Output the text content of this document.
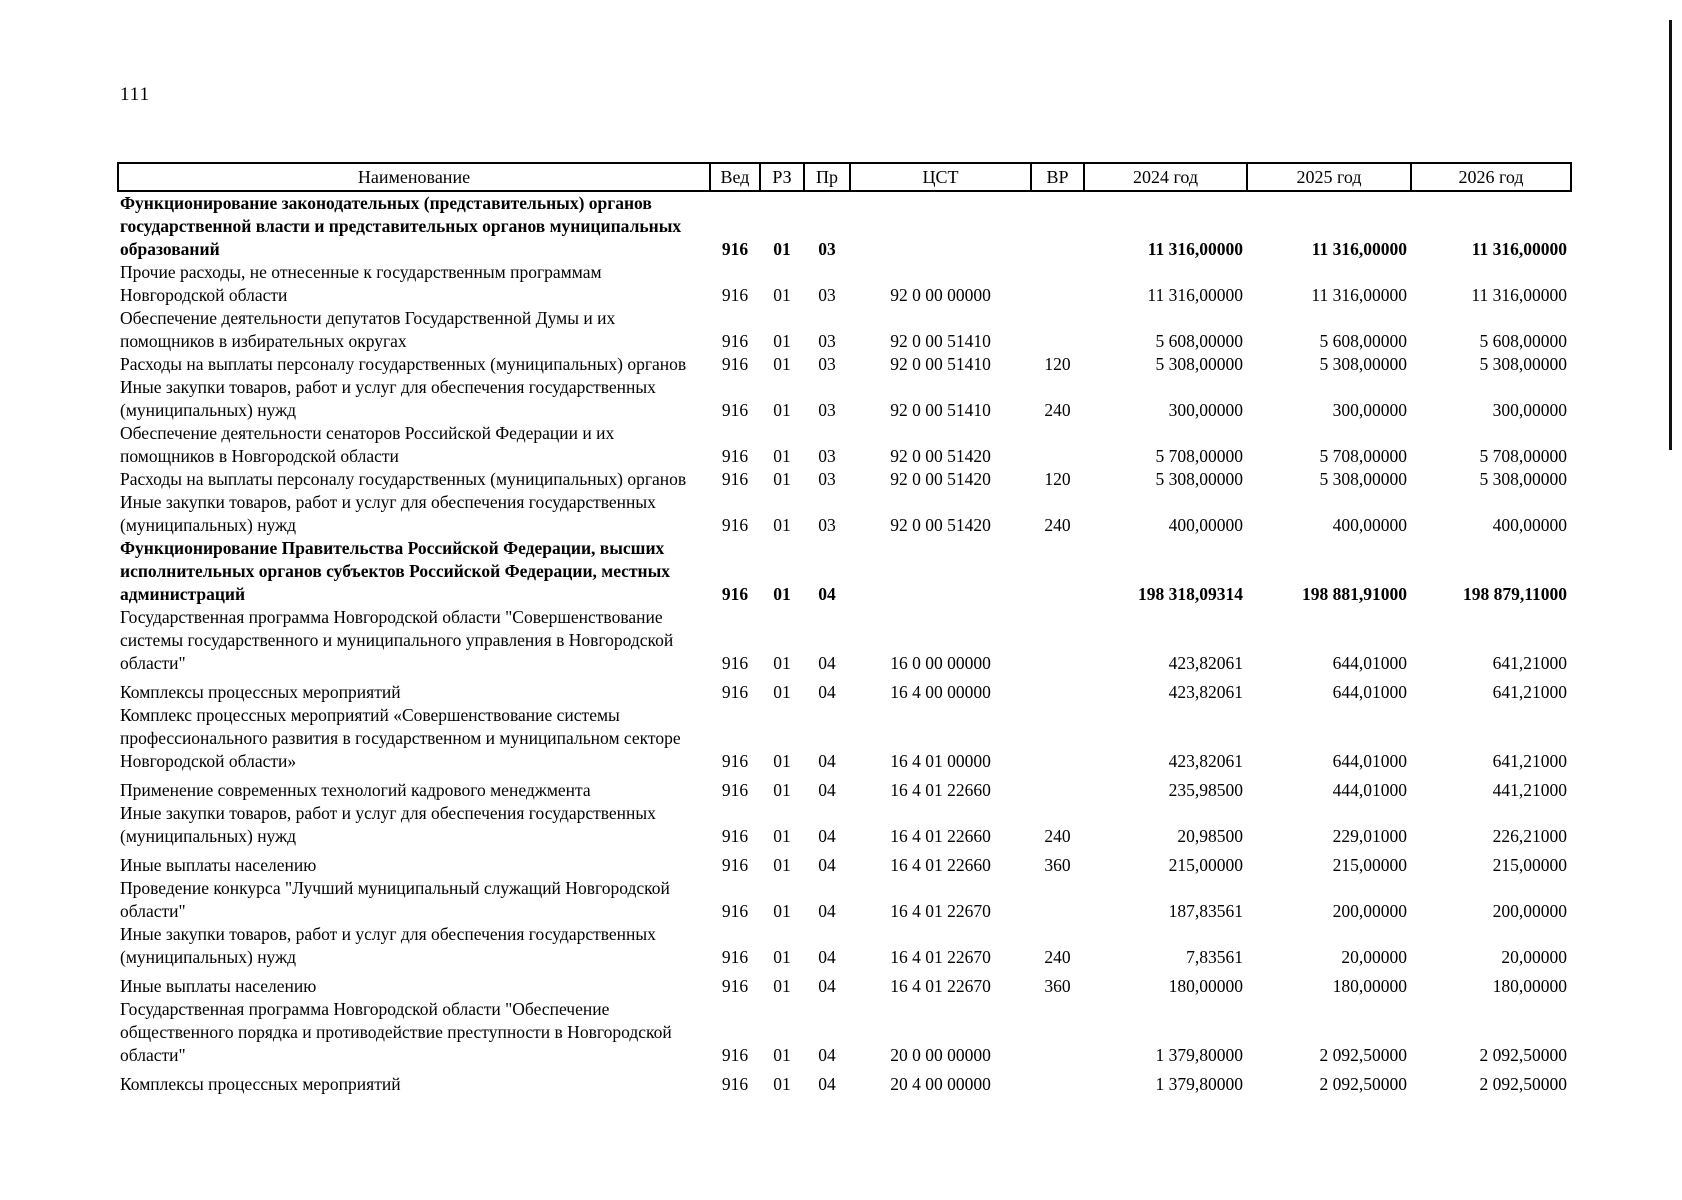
111
Наименование	Вед	РЗ	Пр	ЦСТ	ВР	2024 год	2025 год	2026 год
Функционирование законодательных (представительных) органов государственной власти и представительных органов муниципальных образований	916	01	03			11 316,00000	11 316,00000	11 316,00000
Прочие расходы, не отнесенные к государственным программам Новгородской области	916	01	03	92 0 00 00000		11 316,00000	11 316,00000	11 316,00000
Обеспечение деятельности депутатов Государственной Думы и их помощников в избирательных округах	916	01	03	92 0 00 51410		5 608,00000	5 608,00000	5 608,00000
Расходы на выплаты персоналу государственных (муниципальных) органов	916	01	03	92 0 00 51410	120	5 308,00000	5 308,00000	5 308,00000
Иные закупки товаров, работ и услуг для обеспечения государственных (муниципальных) нужд	916	01	03	92 0 00 51410	240	300,00000	300,00000	300,00000
Обеспечение деятельности сенаторов Российской Федерации и их помощников в Новгородской области	916	01	03	92 0 00 51420		5 708,00000	5 708,00000	5 708,00000
Расходы на выплаты персоналу государственных (муниципальных) органов	916	01	03	92 0 00 51420	120	5 308,00000	5 308,00000	5 308,00000
Иные закупки товаров, работ и услуг для обеспечения государственных (муниципальных) нужд	916	01	03	92 0 00 51420	240	400,00000	400,00000	400,00000
Функционирование Правительства Российской Федерации, высших исполнительных органов субъектов Российской Федерации, местных администраций	916	01	04			198 318,09314	198 881,91000	198 879,11000
Государственная программа Новгородской области "Совершенствование системы государственного и муниципального управления в Новгородской области"	916	01	04	16 0 00 00000		423,82061	644,01000	641,21000
Комплексы процессных мероприятий	916	01	04	16 4 00 00000		423,82061	644,01000	641,21000
Комплекс процессных мероприятий «Совершенствование системы профессионального развития в государственном и муниципальном секторе Новгородской области»	916	01	04	16 4 01 00000		423,82061	644,01000	641,21000
Применение современных технологий кадрового менеджмента	916	01	04	16 4 01 22660		235,98500	444,01000	441,21000
Иные закупки товаров, работ и услуг для обеспечения государственных (муниципальных) нужд	916	01	04	16 4 01 22660	240	20,98500	229,01000	226,21000
Иные выплаты населению	916	01	04	16 4 01 22660	360	215,00000	215,00000	215,00000
Проведение конкурса "Лучший муниципальный служащий Новгородской области"	916	01	04	16 4 01 22670		187,83561	200,00000	200,00000
Иные закупки товаров, работ и услуг для обеспечения государственных (муниципальных) нужд	916	01	04	16 4 01 22670	240	7,83561	20,00000	20,00000
Иные выплаты населению	916	01	04	16 4 01 22670	360	180,00000	180,00000	180,00000
Государственная программа Новгородской области "Обеспечение общественного порядка и противодействие преступности в Новгородской области"	916	01	04	20 0 00 00000		1 379,80000	2 092,50000	2 092,50000
Комплексы процессных мероприятий	916	01	04	20 4 00 00000		1 379,80000	2 092,50000	2 092,50000
